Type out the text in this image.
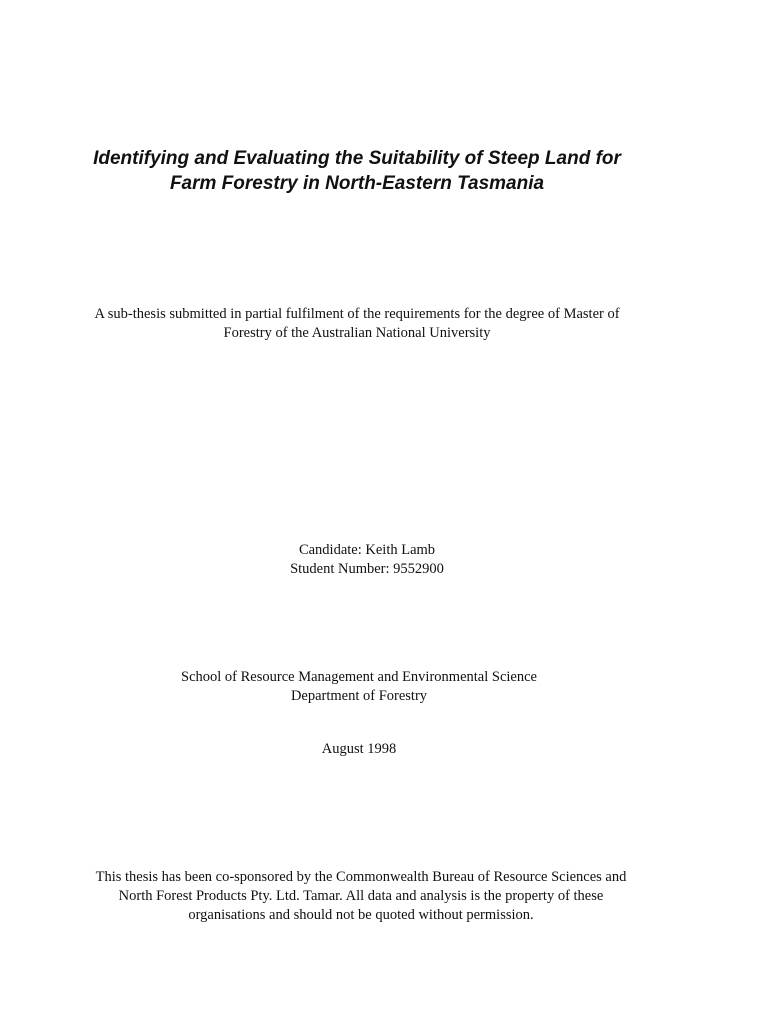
Identifying and Evaluating the Suitability of Steep Land for
Farm Forestry in North-Eastern Tasmania
A sub-thesis submitted in partial fulfilment of the requirements for the degree of Master of
Forestry of the Australian National University
Candidate: Keith Lamb
Student Number: 9552900
School of Resource Management and Environmental Science
Department of Forestry
August 1998
This thesis has been co-sponsored by the Commonwealth Bureau of Resource Sciences and
North Forest Products Pty. Ltd. Tamar. All data and analysis is the property of these
organisations and should not be quoted without permission.
